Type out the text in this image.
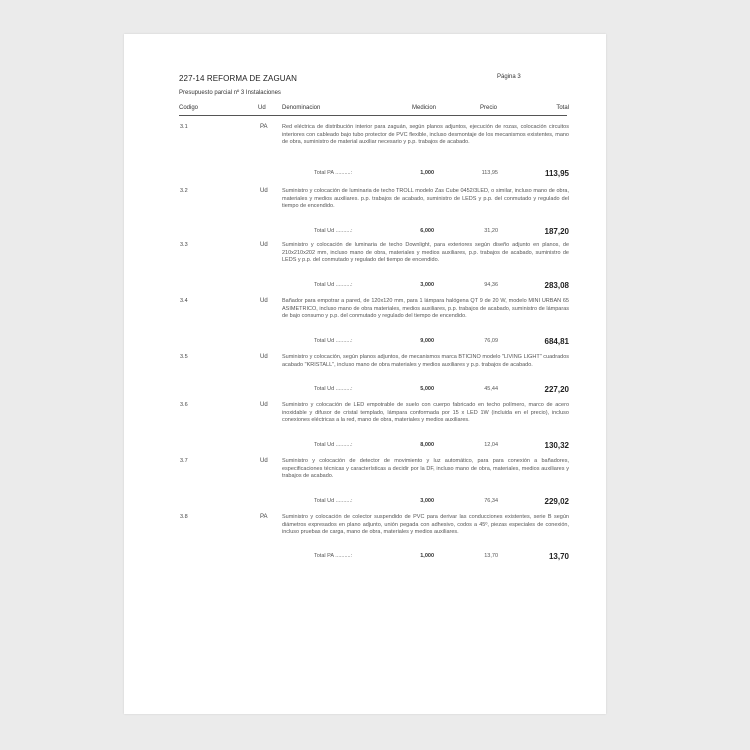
227-14 REFORMA DE ZAGUAN	Página 3
Presupuesto parcial nº 3 Instalaciones
Codigo	Ud	Denominacion	Medicion	Precio	Total
3.1	PA	Red eléctrica de distribución interior para zaguán, según planos adjuntos, ejecución de rozas, colocación circuitos interiores con cableado bajo tubo protector de PVC flexible, incluso desmontaje de los mecanismos existentes, mano de obra, suministro de material auxiliar necesario y p.p. trabajos de acabado.
Total PA ..........:	1,000	113,95	113,95
3.2	Ud	Suministro y colocación de luminaria de techo TROLL modelo Zas Cube 0452/3LED, o similar, incluso mano de obra, materiales y medios auxiliares. p.p. trabajos de acabado, suministro de LEDS y p.p. del conmutado y regulado del tiempo de encendido.
Total Ud ..........:	6,000	31,20	187,20
3.3	Ud	Suministro y colocación de luminaria de techo Downlight, para exteriores según diseño adjunto en planos, de 210x210x202 mm, incluso mano de obra, materiales y medios auxiliares, p.p. trabajos de acabado, suministro de LEDS y p.p. del conmutado y regulado del tiempo de encendido.
Total Ud ..........:	3,000	94,36	283,08
3.4	Ud	Bañador para empotrar a pared, de 120x120 mm, para 1 lámpara halógena QT 9 de 20 W, modelo MINI URBAN 65 ASIMETRICO, incluso mano de obra materiales, medios auxiliares, p.p. trabajos de acabado, suministro de lámparas de bajo consumo y p.p. del conmutado y regulado del tiempo de encendido.
Total Ud ..........:	9,000	76,09	684,81
3.5	Ud	Suministro y colocación, según planos adjuntos, de mecanismos marca BTICINO modelo "LIVING LIGHT" cuadrados acabado "KRISTALL", incluso mano de obra materiales y medios auxiliares y p.p. trabajos de acabado.
Total Ud ..........:	5,000	45,44	227,20
3.6	Ud	Suministro y colocación de LED empotrable de suelo con cuerpo fabricado en techo polímero, marco de acero inoxidable y difusor de cristal templado, lámpara conformada por 15 x LED 1W (incluida en el precio), incluso conexiones eléctricas a la red, mano de obra, materiales y medios auxiliares.
Total Ud ..........:	8,000	12,04	130,32
3.7	Ud	Suministro y colocación de detector de movimiento y luz automático, para para conexión a bañadores, especificaciones técnicas y características a decidir por la DF, incluso mano de obra, materiales, medios auxiliares y trabajos de acabado.
Total Ud ..........:	3,000	76,34	229,02
3.8	PA	Suministro y colocación de colector suspendido de PVC para derivar las conducciones existentes, serie B según diámetros expresados en plano adjunto, unión pegada con adhesivo, codos a 45º, piezas especiales de conexión, incluso pruebas de carga, mano de obra, materiales y medios auxiliares.
Total PA ..........:	1,000	13,70	13,70
